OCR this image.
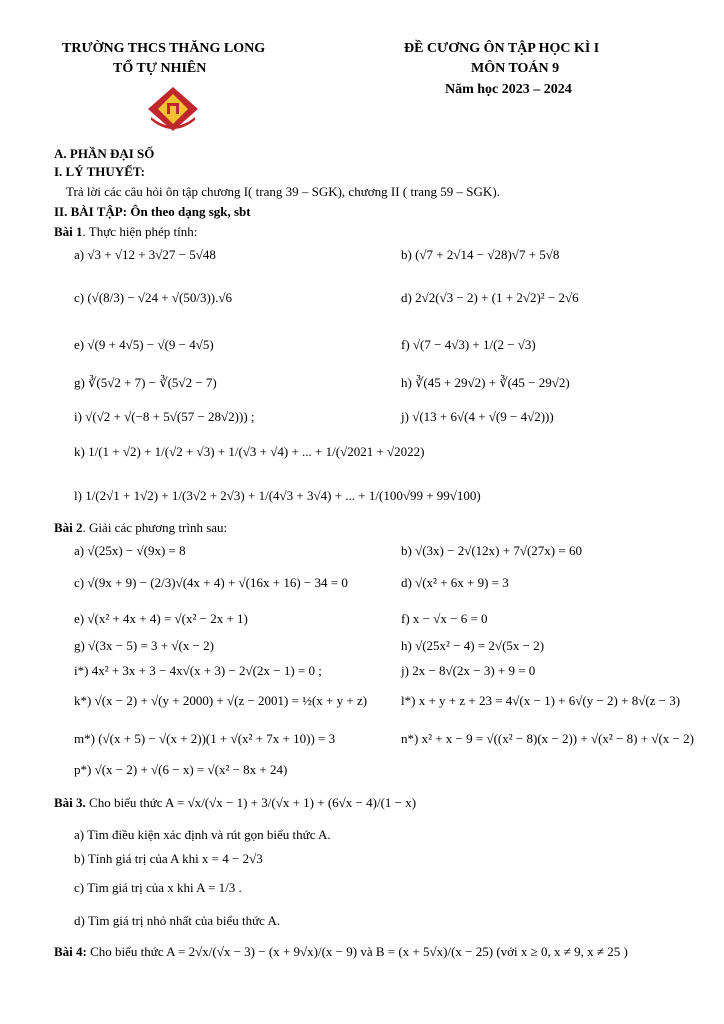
TRƯỜNG THCS THĂNG LONG
TỔ TỰ NHIÊN
ĐỀ CƯƠNG ÔN TẬP HỌC KÌ I
MÔN TOÁN 9
Năm học 2023 – 2024
A. PHẦN ĐẠI SỐ
I. LÝ THUYẾT:
Trả lời các câu hỏi ôn tập chương I( trang 39 – SGK), chương II ( trang 59 – SGK).
II. BÀI TẬP: Ôn theo dạng sgk, sbt
Bài 1. Thực hiện phép tính:
a) √3 + √12 + 3√27 − 5√48	b) (√7 + 2√14 − √28)√7 + 5√8
c) (√(8/3) − √24 + √(50/3)).√6	d) 2√2(√3 − 2) + (1 + 2√2)² − 2√6
e) √(9 + 4√5) − √(9 − 4√5)	f) √(7 − 4√3) + 1/(2 − √3)
g) ∛(5√2 + 7) − ∛(5√2 − 7)	h) ∛(45 + 29√2) + ∛(45 − 29√2)
i) √(√2 + √(−8 + 5√(57 − 28√2))) ;	j) √(13 + 6√(4 + √(9 − 4√2)))
k) 1/(1 + √2) + 1/(√2 + √3) + 1/(√3 + √4) + ... + 1/(√2021 + √2022)
l) 1/(2√1 + 1√2) + 1/(3√2 + 2√3) + 1/(4√3 + 3√4) + ... + 1/(100√99 + 99√100)
Bài 2. Giải các phương trình sau:
a) √(25x) − √(9x) = 8	b) √(3x) − 2√(12x) + 7√(27x) = 60
c) √(9x + 9) − (2/3)√(4x + 4) + √(16x + 16) − 34 = 0	d) √(x² + 6x + 9) = 3
e) √(x² + 4x + 4) = √(x² − 2x + 1)	f) x − √x − 6 = 0
g) √(3x − 5) = 3 + √(x − 2)	h) √(25x² − 4) = 2√(5x − 2)
i*) 4x² + 3x + 3 − 4x√(x + 3) − 2√(2x − 1) = 0 ;	j) 2x − 8√(2x − 3) + 9 = 0
k*) √(x − 2) + √(y + 2000) + √(z − 2001) = ½(x + y + z)	l*) x + y + z + 23 = 4√(x − 1) + 6√(y − 2) + 8√(z − 3)
m*) (√(x + 5) − √(x + 2))(1 + √(x² + 7x + 10)) = 3	n*) x² + x − 9 = √((x² − 8)(x − 2)) + √(x² − 8) + √(x − 2)
p*) √(x − 2) + √(6 − x) = √(x² − 8x + 24)
Bài 3. Cho biểu thức A = √x/(√x − 1) + 3/(√x + 1) + (6√x − 4)/(1 − x)
a) Tìm điều kiện xác định và rút gọn biểu thức A.
b) Tính giá trị của A khi x = 4 − 2√3
c) Tìm giá trị của x khi A = 1/3 .
d) Tìm giá trị nhỏ nhất của biểu thức A.
Bài 4: Cho biểu thức A = 2√x/(√x − 3) − (x + 9√x)/(x − 9) và B = (x + 5√x)/(x − 25) (với x ≥ 0, x ≠ 9, x ≠ 25 )
